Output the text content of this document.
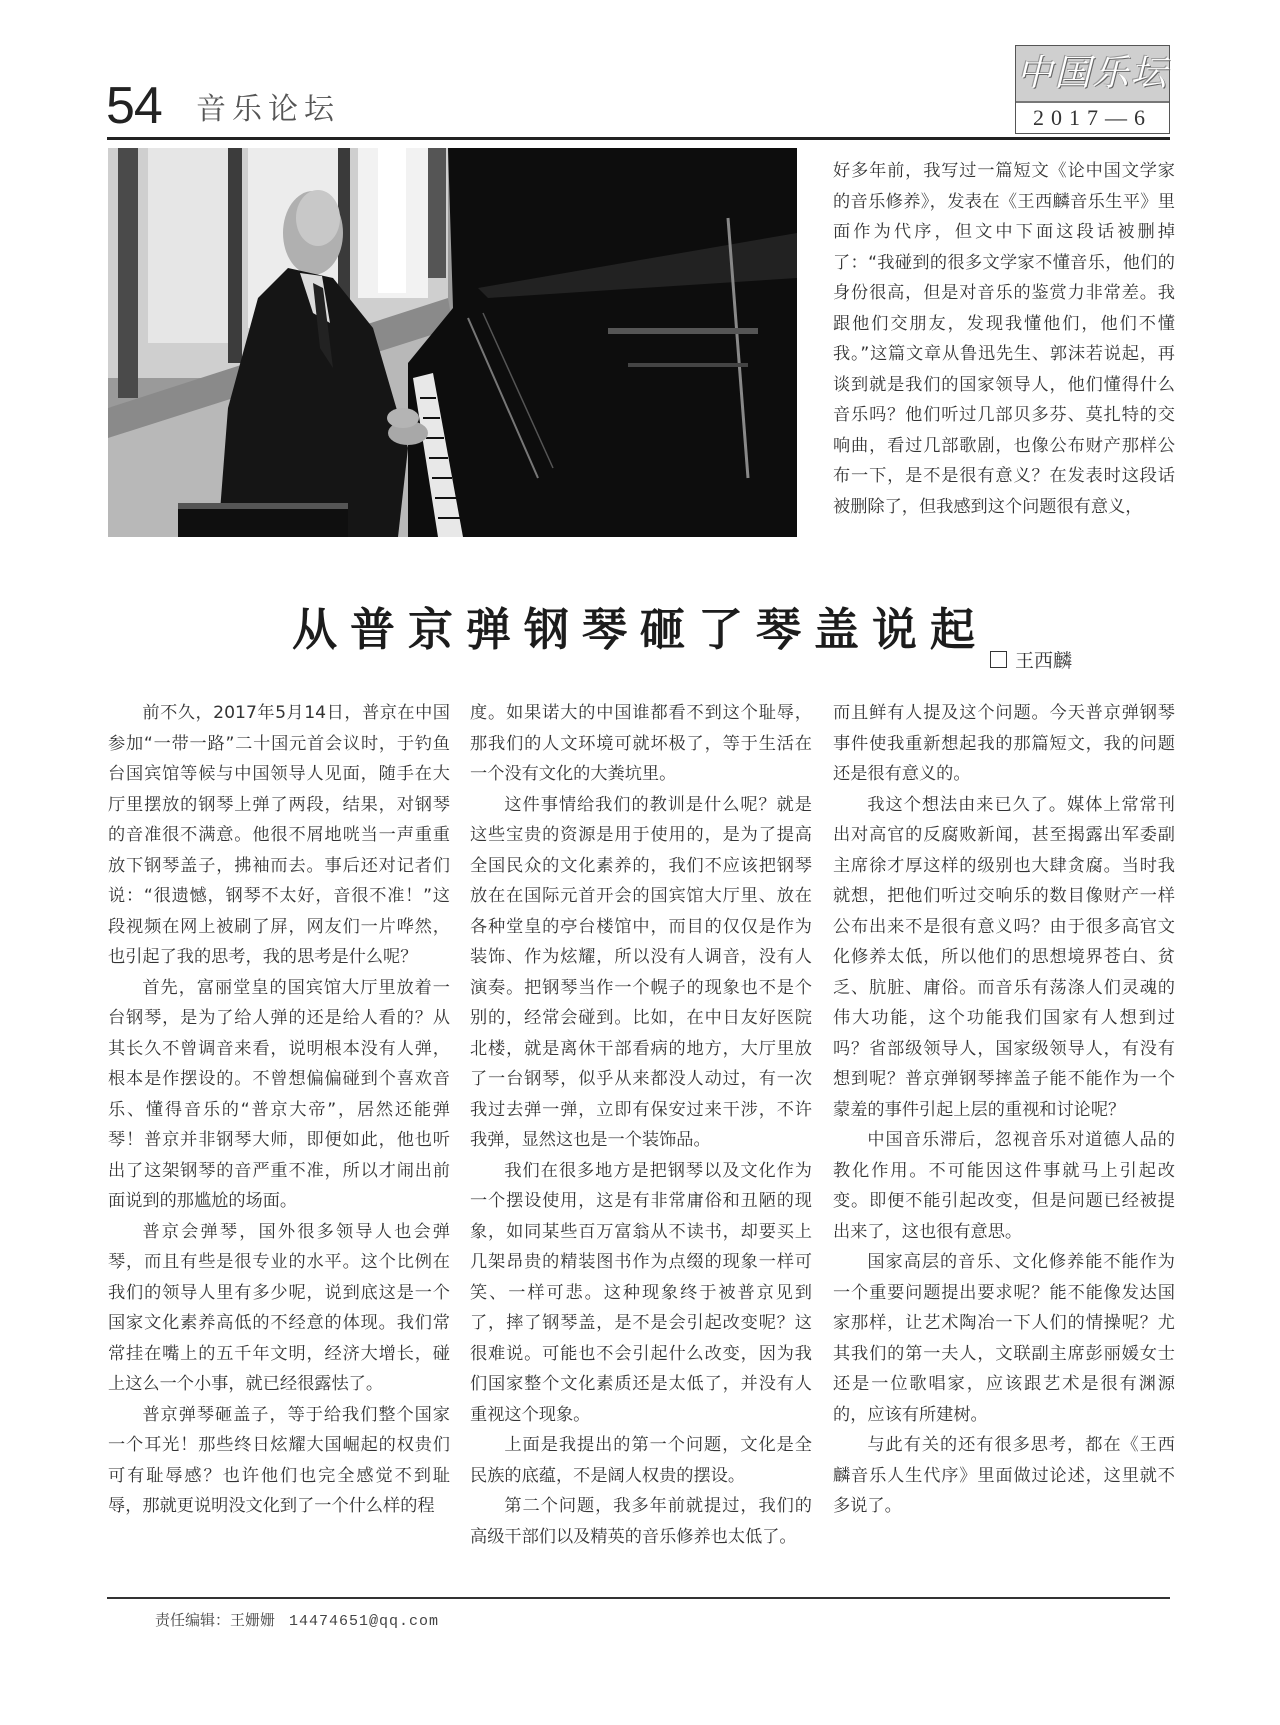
54 音乐论坛
中国乐坛
2017—6

好多年前，我写过一篇短文《论中国文学家的音乐修养》，发表在《王西麟音乐生平》里面作为代序，但文中下面这段话被删掉了：“我碰到的很多文学家不懂音乐，他们的身份很高，但是对音乐的鉴赏力非常差。我跟他们交朋友，发现我懂他们，他们不懂我。”这篇文章从鲁迅先生、郭沫若说起，再谈到就是我们的国家领导人，他们懂得什么音乐吗？他们听过几部贝多芬、莫扎特的交响曲，看过几部歌剧，也像公布财产那样公布一下，是不是很有意义？在发表时这段话被删除了，但我感到这个问题很有意义，

从普京弹钢琴砸了琴盖说起
王西麟

前不久，2017年5月14日，普京在中国参加“一带一路”二十国元首会议时，于钓鱼台国宾馆等候与中国领导人见面，随手在大厅里摆放的钢琴上弹了两段，结果，对钢琴的音准很不满意。他很不屑地咣当一声重重放下钢琴盖子，拂袖而去。事后还对记者们说：“很遗憾，钢琴不太好，音很不准！”这段视频在网上被刷了屏，网友们一片哗然，也引起了我的思考，我的思考是什么呢？

首先，富丽堂皇的国宾馆大厅里放着一台钢琴，是为了给人弹的还是给人看的？从其长久不曾调音来看，说明根本没有人弹，根本是作摆设的。不曾想偏偏碰到个喜欢音乐、懂得音乐的“普京大帝”，居然还能弹琴！普京并非钢琴大师，即便如此，他也听出了这架钢琴的音严重不准，所以才闹出前面说到的那尴尬的场面。

普京会弹琴，国外很多领导人也会弹琴，而且有些是很专业的水平。这个比例在我们的领导人里有多少呢，说到底这是一个国家文化素养高低的不经意的体现。我们常常挂在嘴上的五千年文明，经济大增长，碰上这么一个小事，就已经很露怯了。

普京弹琴砸盖子，等于给我们整个国家一个耳光！那些终日炫耀大国崛起的权贵们可有耻辱感？也许他们也完全感觉不到耻辱，那就更说明没文化到了一个什么样的程

度。如果诺大的中国谁都看不到这个耻辱，那我们的人文环境可就坏极了，等于生活在一个没有文化的大粪坑里。

这件事情给我们的教训是什么呢？就是这些宝贵的资源是用于使用的，是为了提高全国民众的文化素养的，我们不应该把钢琴放在在国际元首开会的国宾馆大厅里、放在各种堂皇的亭台楼馆中，而目的仅仅是作为装饰、作为炫耀，所以没有人调音，没有人演奏。把钢琴当作一个幌子的现象也不是个别的，经常会碰到。比如，在中日友好医院北楼，就是离休干部看病的地方，大厅里放了一台钢琴，似乎从来都没人动过，有一次我过去弹一弹，立即有保安过来干涉，不许我弹，显然这也是一个装饰品。

我们在很多地方是把钢琴以及文化作为一个摆设使用，这是有非常庸俗和丑陋的现象，如同某些百万富翁从不读书，却要买上几架昂贵的精装图书作为点缀的现象一样可笑、一样可悲。这种现象终于被普京见到了，摔了钢琴盖，是不是会引起改变呢？这很难说。可能也不会引起什么改变，因为我们国家整个文化素质还是太低了，并没有人重视这个现象。

上面是我提出的第一个问题，文化是全民族的底蕴，不是阔人权贵的摆设。

第二个问题，我多年前就提过，我们的高级干部们以及精英的音乐修养也太低了。

而且鲜有人提及这个问题。今天普京弹钢琴事件使我重新想起我的那篇短文，我的问题还是很有意义的。

我这个想法由来已久了。媒体上常常刊出对高官的反腐败新闻，甚至揭露出军委副主席徐才厚这样的级别也大肆贪腐。当时我就想，把他们听过交响乐的数目像财产一样公布出来不是很有意义吗？由于很多高官文化修养太低，所以他们的思想境界苍白、贫乏、肮脏、庸俗。而音乐有荡涤人们灵魂的伟大功能，这个功能我们国家有人想到过吗？省部级领导人，国家级领导人，有没有想到呢？普京弹钢琴摔盖子能不能作为一个蒙羞的事件引起上层的重视和讨论呢？

中国音乐滞后，忽视音乐对道德人品的教化作用。不可能因这件事就马上引起改变。即便不能引起改变，但是问题已经被提出来了，这也很有意思。

国家高层的音乐、文化修养能不能作为一个重要问题提出要求呢？能不能像发达国家那样，让艺术陶冶一下人们的情操呢？尤其我们的第一夫人，文联副主席彭丽媛女士还是一位歌唱家，应该跟艺术是很有渊源的，应该有所建树。

与此有关的还有很多思考，都在《王西麟音乐人生代序》里面做过论述，这里就不多说了。

责任编辑：王姗姗 14474651@qq.com
